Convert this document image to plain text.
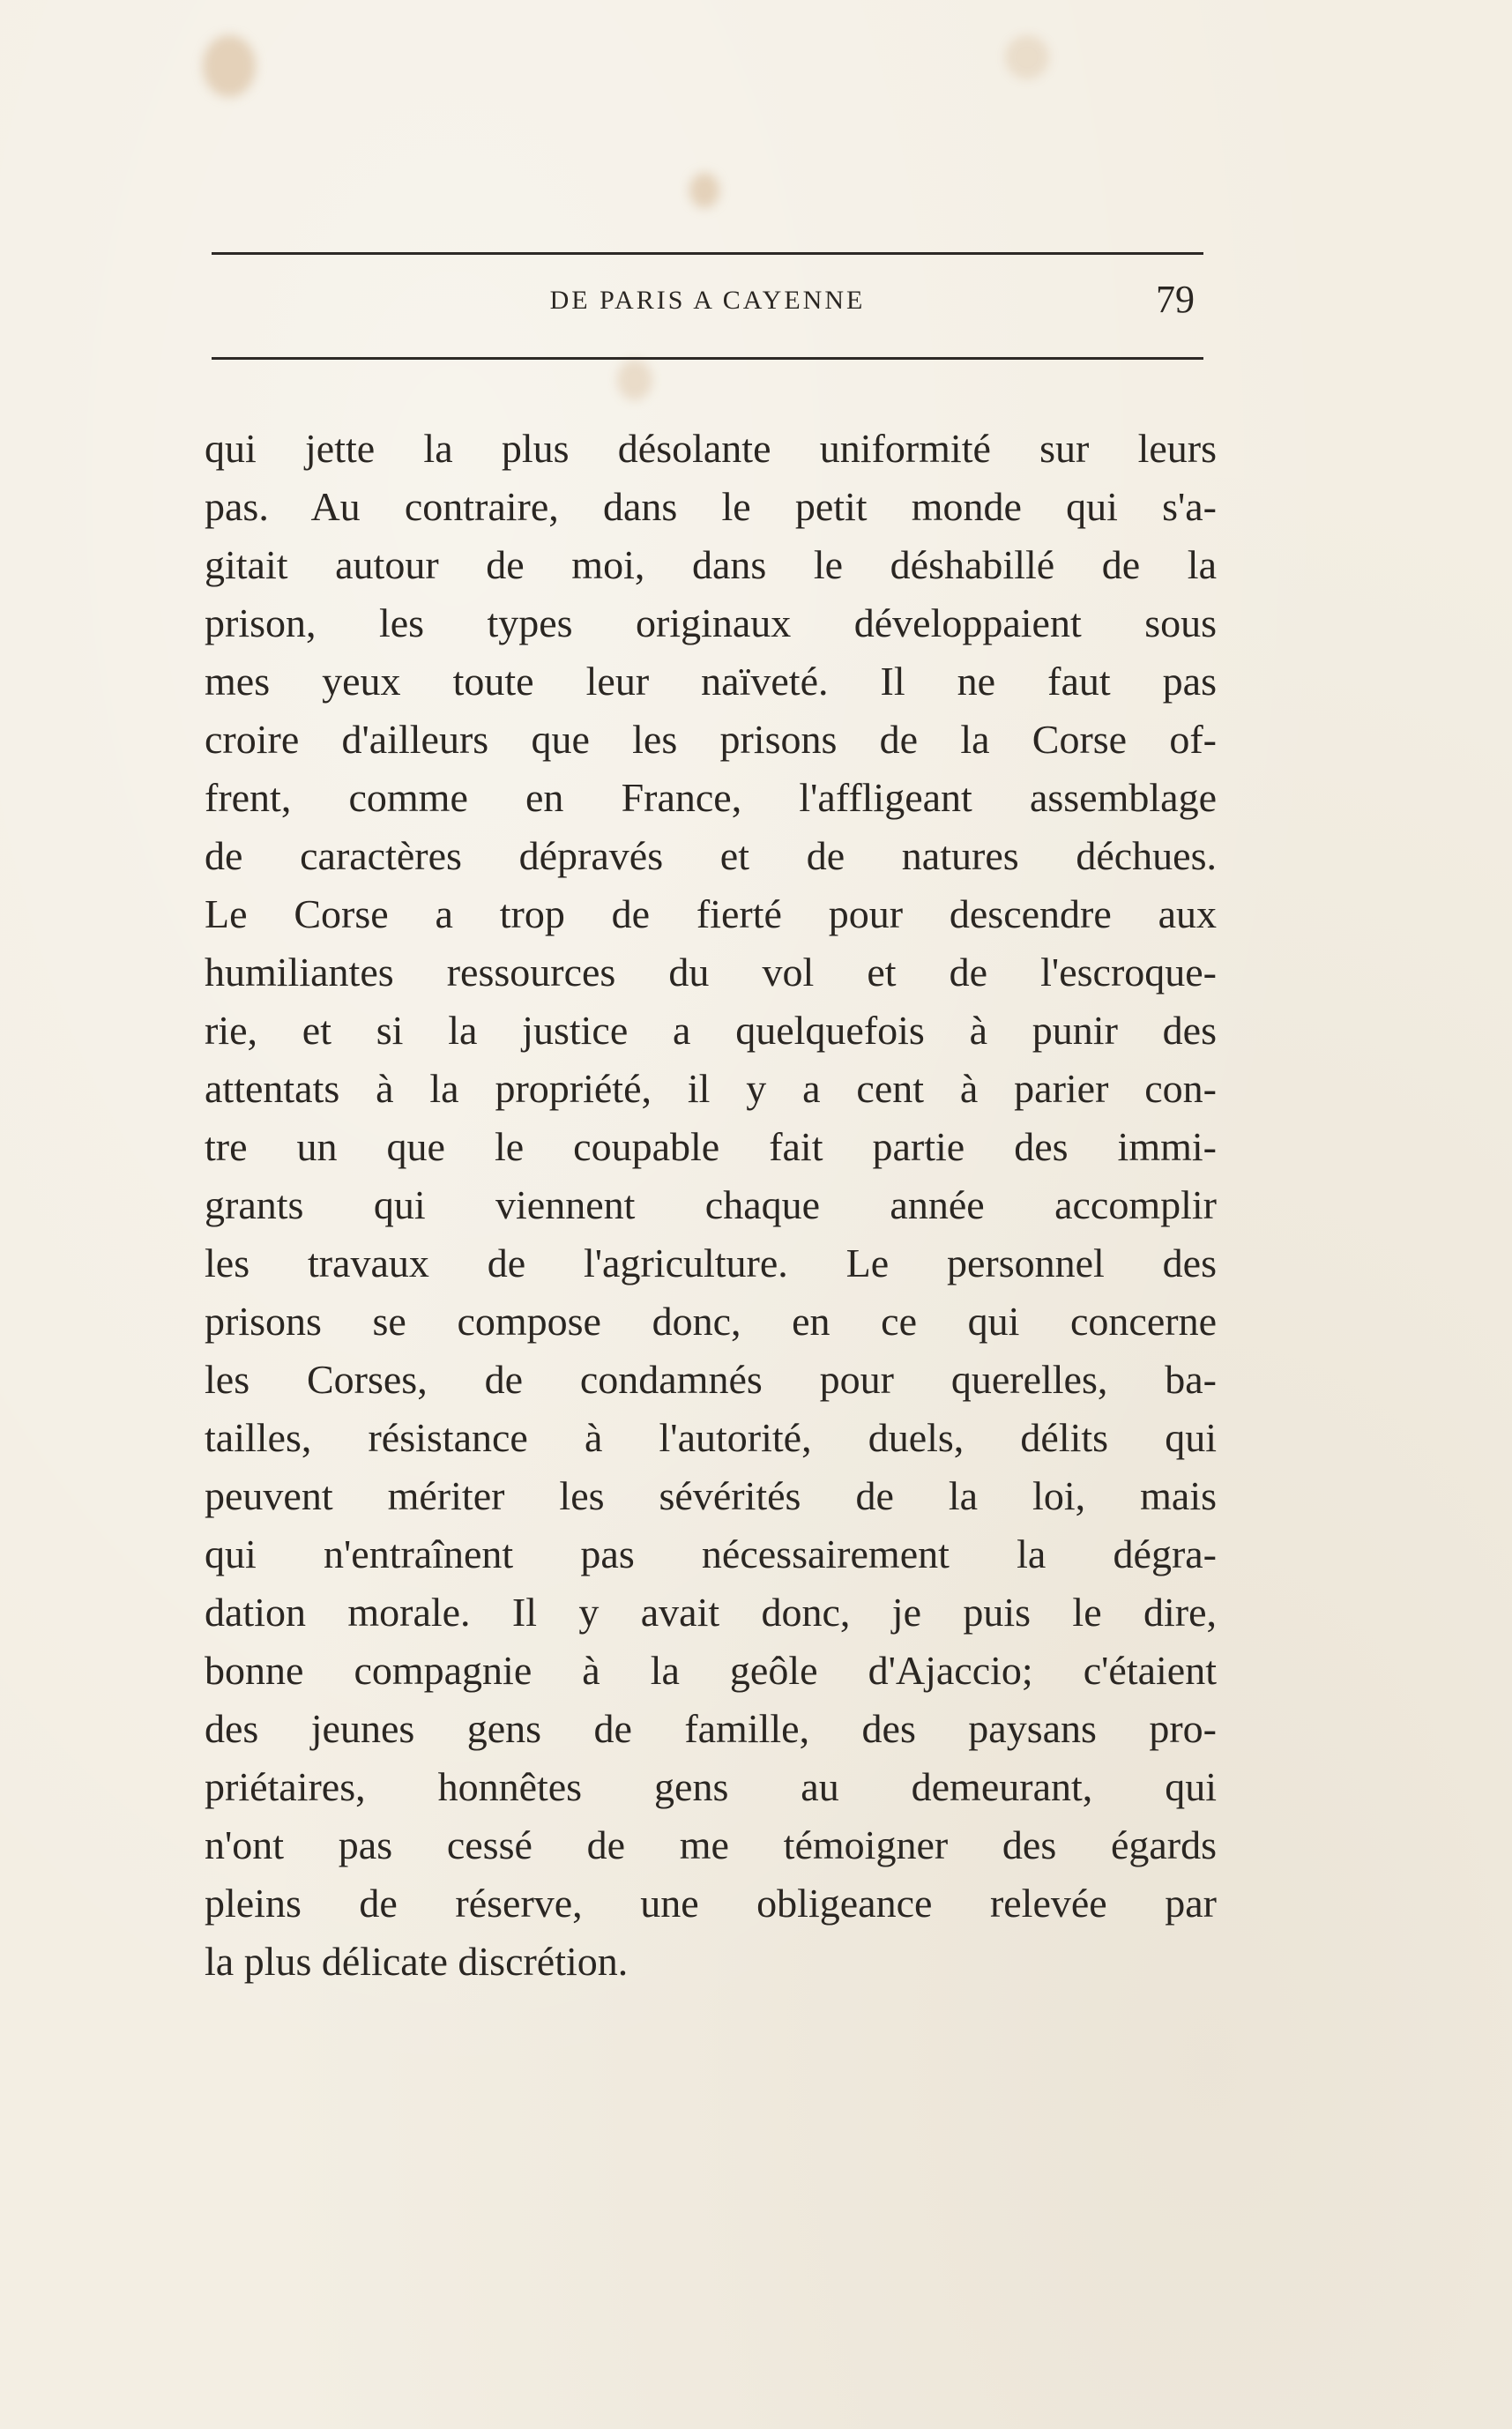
DE PARIS A CAYENNE	79
qui jette la plus désolante uniformité sur leurs
pas. Au contraire, dans le petit monde qui s'a-
gitait autour de moi, dans le déshabillé de la
prison, les types originaux développaient sous
mes yeux toute leur naïveté. Il ne faut pas
croire d'ailleurs que les prisons de la Corse of-
frent, comme en France, l'affligeant assemblage
de caractères dépravés et de natures déchues.
Le Corse a trop de fierté pour descendre aux
humiliantes ressources du vol et de l'escroque-
rie, et si la justice a quelquefois à punir des
attentats à la propriété, il y a cent à parier con-
tre un que le coupable fait partie des immi-
grants qui viennent chaque année accomplir
les travaux de l'agriculture. Le personnel des
prisons se compose donc, en ce qui concerne
les Corses, de condamnés pour querelles, ba-
tailles, résistance à l'autorité, duels, délits qui
peuvent mériter les sévérités de la loi, mais
qui n'entraînent pas nécessairement la dégra-
dation morale. Il y avait donc, je puis le dire,
bonne compagnie à la geôle d'Ajaccio; c'étaient
des jeunes gens de famille, des paysans pro-
priétaires, honnêtes gens au demeurant, qui
n'ont pas cessé de me témoigner des égards
pleins de réserve, une obligeance relevée par
la plus délicate discrétion.
